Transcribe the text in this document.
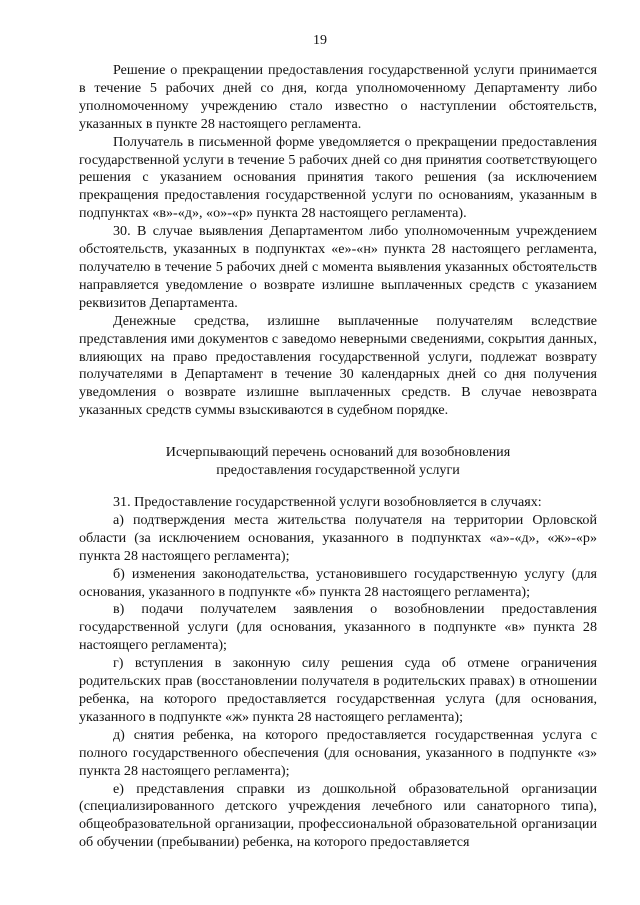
19

Решение о прекращении предоставления государственной услуги принимается в течение 5 рабочих дней со дня, когда уполномоченному Департаменту либо уполномоченному учреждению стало известно о наступлении обстоятельств, указанных в пункте 28 настоящего регламента.

Получатель в письменной форме уведомляется о прекращении предоставления государственной услуги в течение 5 рабочих дней со дня принятия соответствующего решения с указанием основания принятия такого решения (за исключением прекращения предоставления государственной услуги по основаниям, указанным в подпунктах «в»-«д», «о»-«р» пункта 28 настоящего регламента).

30. В случае выявления Департаментом либо уполномоченным учреждением обстоятельств, указанных в подпунктах «е»-«н» пункта 28 настоящего регламента, получателю в течение 5 рабочих дней с момента выявления указанных обстоятельств направляется уведомление о возврате излишне выплаченных средств с указанием реквизитов Департамента.

Денежные средства, излишне выплаченные получателям вследствие представления ими документов с заведомо неверными сведениями, сокрытия данных, влияющих на право предоставления государственной услуги, подлежат возврату получателями в Департамент в течение 30 календарных дней со дня получения уведомления о возврате излишне выплаченных средств. В случае невозврата указанных средств суммы взыскиваются в судебном порядке.

Исчерпывающий перечень оснований для возобновления
предоставления государственной услуги

31. Предоставление государственной услуги возобновляется в случаях:

а) подтверждения места жительства получателя на территории Орловской области (за исключением основания, указанного в подпунктах «а»-«д», «ж»-«р» пункта 28 настоящего регламента);

б) изменения законодательства, установившего государственную услугу (для основания, указанного в подпункте «б» пункта 28 настоящего регламента);

в) подачи получателем заявления о возобновлении предоставления государственной услуги (для основания, указанного в подпункте «в» пункта 28 настоящего регламента);

г) вступления в законную силу решения суда об отмене ограничения родительских прав (восстановлении получателя в родительских правах) в отношении ребенка, на которого предоставляется государственная услуга (для основания, указанного в подпункте «ж» пункта 28 настоящего регламента);

д) снятия ребенка, на которого предоставляется государственная услуга с полного государственного обеспечения (для основания, указанного в подпункте «з» пункта 28 настоящего регламента);

е) представления справки из дошкольной образовательной организации (специализированного детского учреждения лечебного или санаторного типа), общеобразовательной организации, профессиональной образовательной организации об обучении (пребывании) ребенка, на которого предоставляется
